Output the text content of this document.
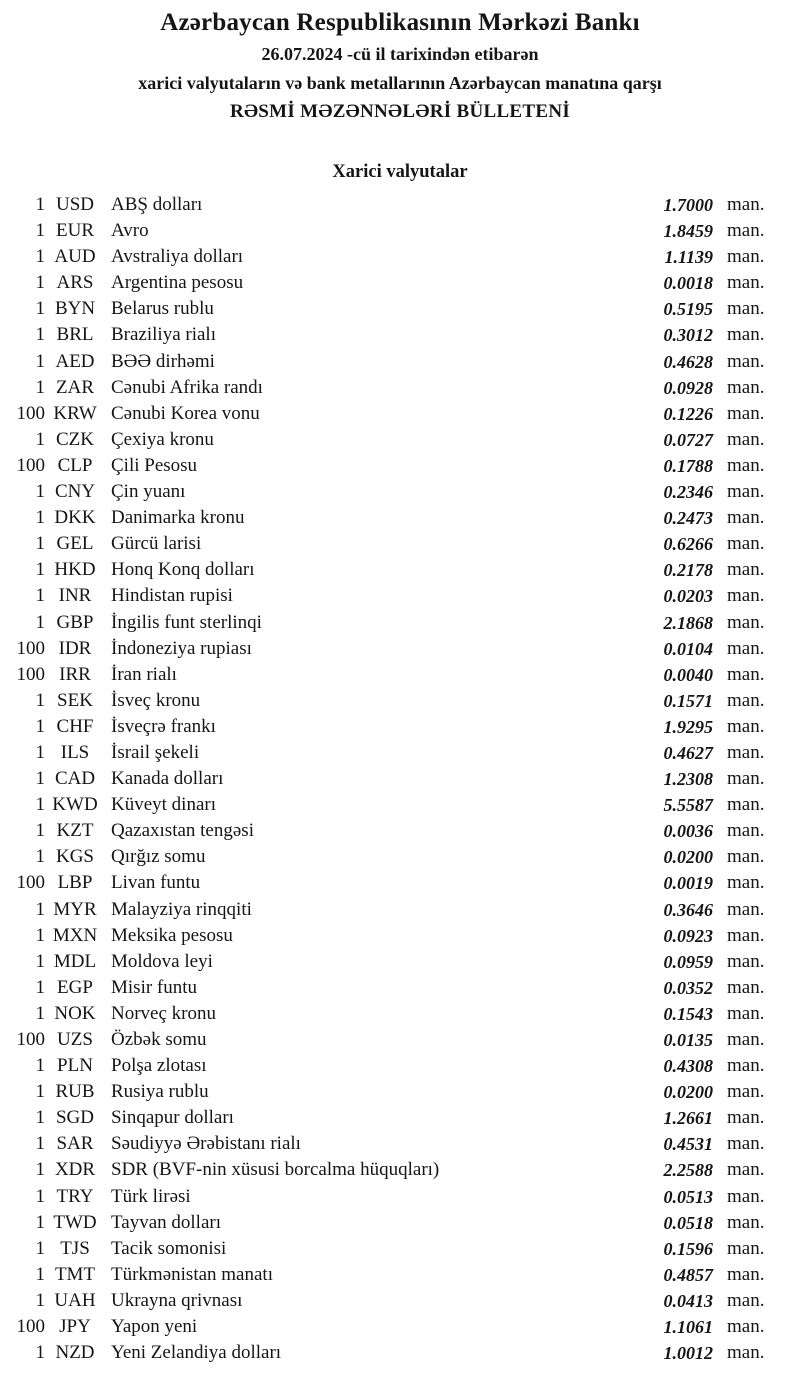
Azərbaycan Respublikasının Mərkəzi Bankı
26.07.2024 -cü il tarixindən etibarən
xarici valyutaların və bank metallarının Azərbaycan manatına qarşı
RƏSMİ MƏZƏNNƏLƏRİ BÜLLETENİ
Xarici valyutalar
1 USD ABŞ dolları	1.7000 man.
1 EUR Avro	1.8459 man.
1 AUD Avstraliya dolları	1.1139 man.
1 ARS Argentina pesosu	0.0018 man.
1 BYN Belarus rublu	0.5195 man.
1 BRL Braziliya rialı	0.3012 man.
1 AED BƏƏ dirhəmi	0.4628 man.
1 ZAR Cənubi Afrika randı	0.0928 man.
100 KRW Cənubi Korea vonu	0.1226 man.
1 CZK Çexiya kronu	0.0727 man.
100 CLP Çili Pesosu	0.1788 man.
1 CNY Çin yuanı	0.2346 man.
1 DKK Danimarka kronu	0.2473 man.
1 GEL Gürcü larisi	0.6266 man.
1 HKD Honq Konq dolları	0.2178 man.
1 INR	Hindistan rupisi	0.0203 man.
1 GBP İngilis funt sterlinqi	2.1868 man.
100 IDR	İndoneziya rupiası	0.0104 man.
100 IRR	İran rialı	0.0040 man.
1 SEK İsveç kronu	0.1571 man.
1 CHF İsveçrə frankı	1.9295 man.
1 ILS	İsrail şekeli	0.4627 man.
1 CAD Kanada dolları	1.2308 man.
1 KWD Küveyt dinarı	5.5587 man.
1 KZT Qazaxıstan tengəsi	0.0036 man.
1 KGS Qırğız somu	0.0200 man.
100 LBP Livan funtu	0.0019 man.
1 MYR Malayziya rinqqiti	0.3646 man.
1 MXN Meksika pesosu	0.0923 man.
1 MDL Moldova leyi	0.0959 man.
1 EGP Misir funtu	0.0352 man.
1 NOK Norveç kronu	0.1543 man.
100 UZS Özbək somu	0.0135 man.
1 PLN Polşa zlotası	0.4308 man.
1 RUB Rusiya rublu	0.0200 man.
1 SGD Sinqapur dolları	1.2661 man.
1 SAR Səudiyyə Ərəbistanı rialı	0.4531 man.
1 XDR SDR (BVF-nin xüsusi borcalma hüquqları)	2.2588 man.
1 TRY Türk lirəsi	0.0513 man.
1 TWD Tayvan dolları	0.0518 man.
1 TJS	Tacik somonisi	0.1596 man.
1 TMT Türkmənistan manatı	0.4857 man.
1 UAH Ukrayna qrivnası	0.0413 man.
100 JPY	Yapon yeni	1.1061 man.
1 NZD Yeni Zelandiya dolları	1.0012 man.
